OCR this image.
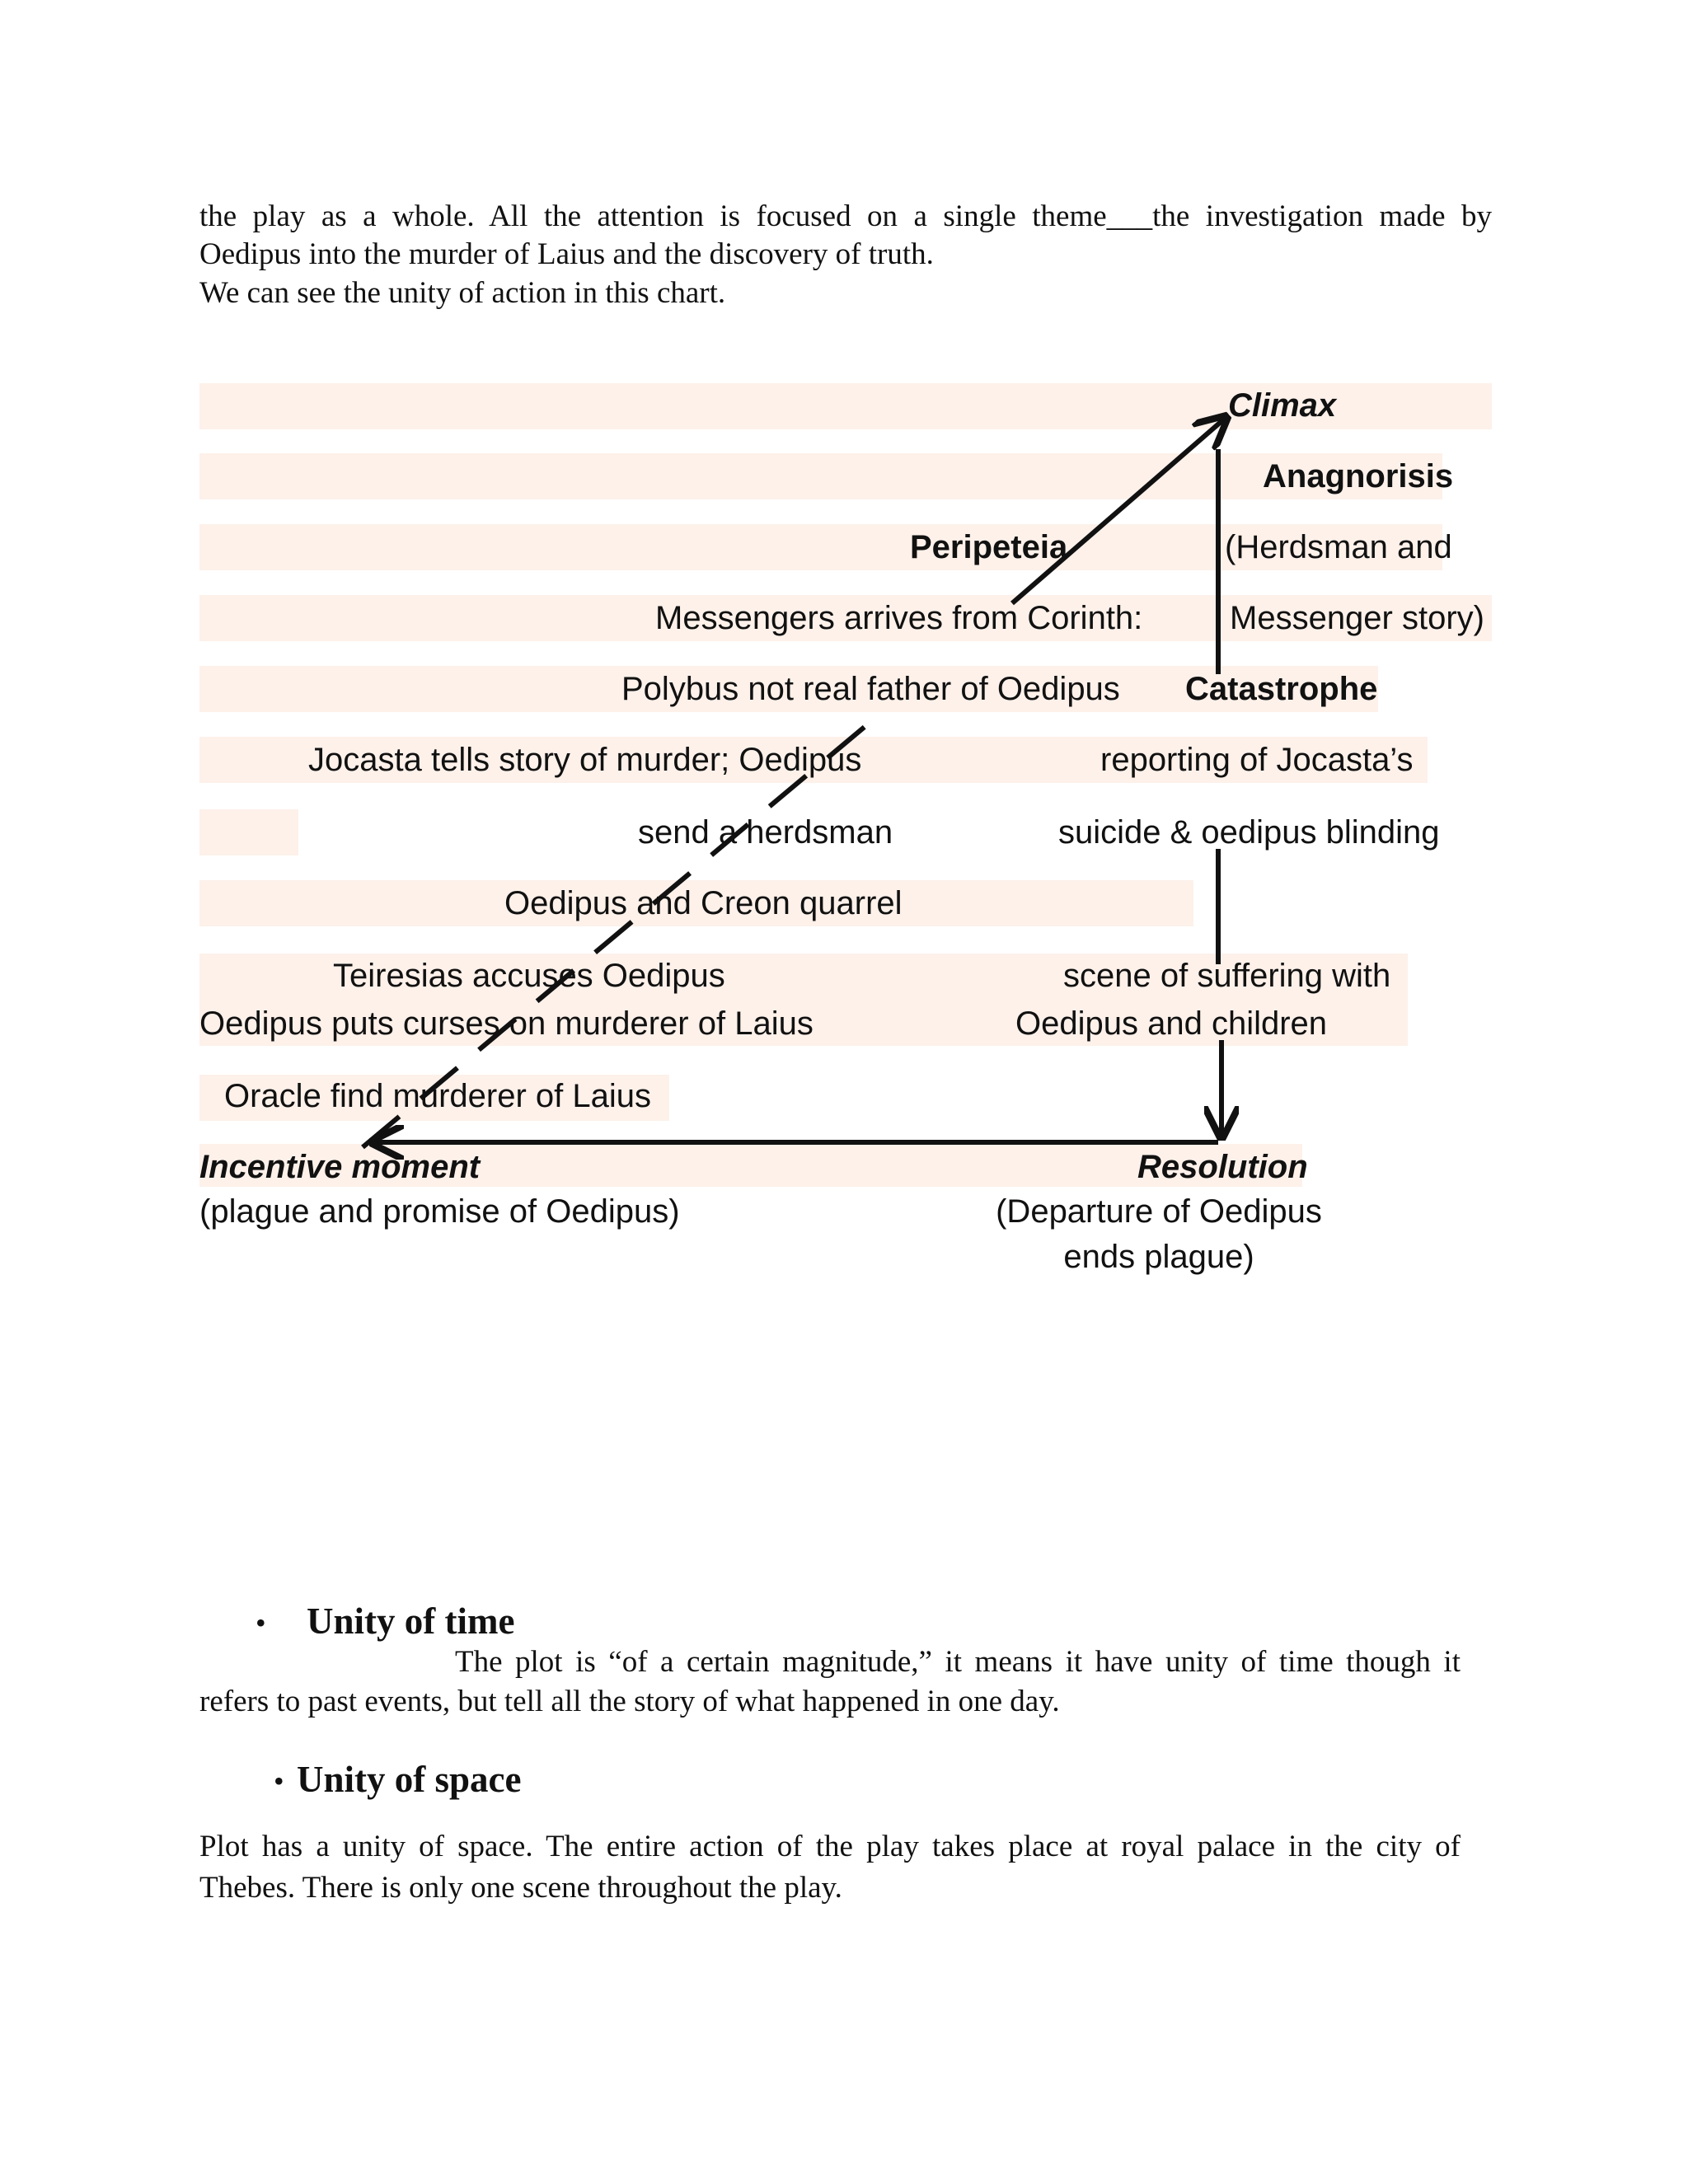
the play as a whole. All the attention is focused on a single theme___the investigation made by
Oedipus into the murder of Laius and the discovery of truth.
We can see the unity of action in this chart.
Climax
Anagnorisis
(Herdsman and
Peripeteia
Messengers arrives from Corinth:	Messenger story)
Polybus not real father of Oedipus Catastrophe
Jocasta tells story of murder; Oedipus	reporting of Jocasta’s
send a herdsman	suicide & oedipus blinding
Oedipus and Creon quarrel
Teiresias accuses Oedipus	scene of suffering with
Oedipus puts curses on murderer of Laius	Oedipus and children
Oracle find murderer of Laius
Incentive moment	Resolution
(plague and promise of Oedipus)	(Departure of Oedipus
ends plague)
• Unity of time
The plot is “of a certain magnitude,” it means it have unity of time though it
refers to past events, but tell all the story of what happened in one day.
• Unity of space
Plot has a unity of space. The entire action of the play takes place at royal palace in the city of
Thebes. There is only one scene throughout the play.
